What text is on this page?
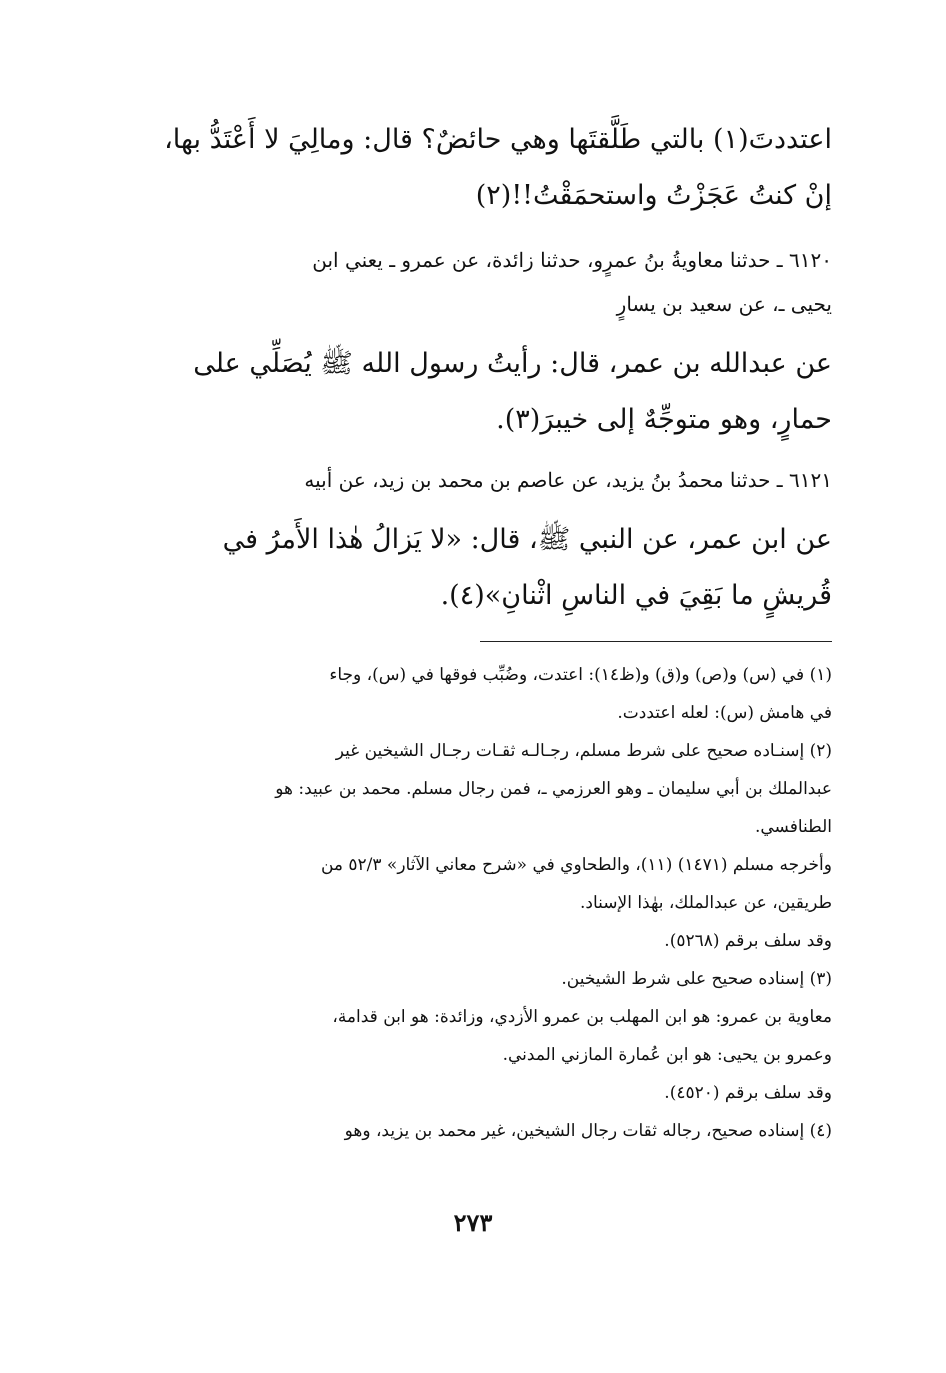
اعتددتَ(١) بالتي طَلَّقتَها وهي حائضٌ؟ قال: ومالِيَ لا أَعْتَدُّ بها،
إنْ كنتُ عَجَزْتُ واستحمَقْتُ!!(٢)
٦١٢٠ ـ حدثنا معاويةُ بنُ عمرٍو، حدثنا زائدة، عن عمرو ـ يعني ابن
يحيى ـ، عن سعيد بن يسارٍ
عن عبدالله بن عمر، قال: رأيتُ رسول الله ﷺ يُصَلِّي على
حمارٍ، وهو متوجِّهٌ إلى خيبرَ(٣).
٦١٢١ ـ حدثنا محمدُ بنُ يزيد، عن عاصم بن محمد بن زيد، عن أبيه
عن ابن عمر، عن النبي ﷺ، قال: «لا يَزالُ هٰذا الأَمرُ في
قُريشٍ ما بَقِيَ في الناسِ اثْنانِ»(٤).
(١) في (س) و(ص) و(ق) و(ظ١٤): اعتدت، وضُبِّب فوقها في (س)، وجاء
في هامش (س): لعله اعتددت.
(٢) إسنـاده صحيح على شرط مسلم، رجـالـه ثقـات رجـال الشيخين غير
عبدالملك بن أبي سليمان ـ وهو العرزمي ـ، فمن رجال مسلم. محمد بن عبيد: هو
الطنافسي.
وأخرجه مسلم (١٤٧١) (١١)، والطحاوي في «شرح معاني الآثار» ٥٢/٣ من
طريقين، عن عبدالملك، بهٰذا الإسناد.
وقد سلف برقم (٥٢٦٨).
(٣) إسناده صحيح على شرط الشيخين.
معاوية بن عمرو: هو ابن المهلب بن عمرو الأزدي، وزائدة: هو ابن قدامة،
وعمرو بن يحيى: هو ابن عُمارة المازني المدني.
وقد سلف برقم (٤٥٢٠).
(٤) إسناده صحيح، رجاله ثقات رجال الشيخين، غير محمد بن يزيد، وهو
٢٧٣
